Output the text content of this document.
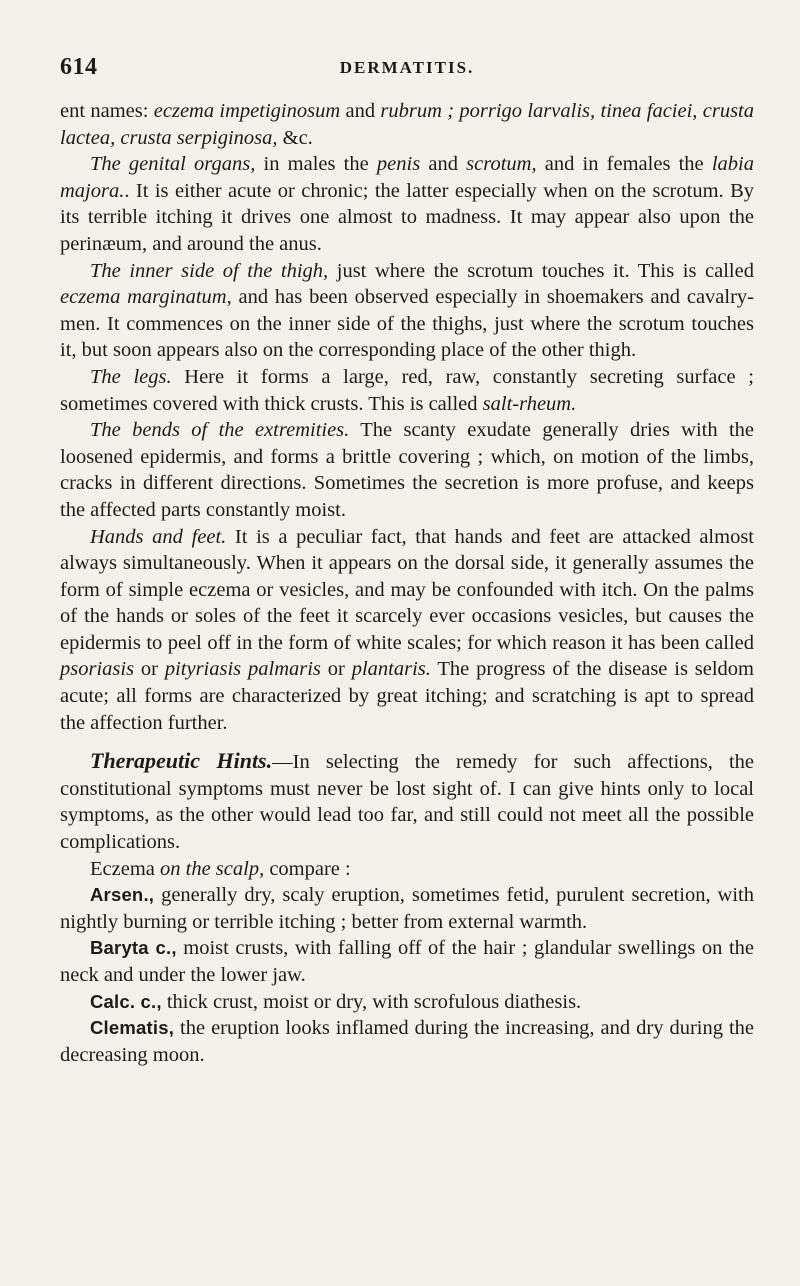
614	DERMATITIS.

ent names: eczema impetiginosum and rubrum ; porrigo larvalis, tinea faciei, crusta lactea, crusta serpiginosa, &c.

The genital organs, in males the penis and scrotum, and in females the labia majora.. It is either acute or chronic; the latter especially when on the scrotum. By its terrible itching it drives one almost to madness. It may appear also upon the perinæum, and around the anus.

The inner side of the thigh, just where the scrotum touches it. This is called eczema marginatum, and has been observed especially in shoemakers and cavalry-men. It commences on the inner side of the thighs, just where the scrotum touches it, but soon appears also on the corresponding place of the other thigh.

The legs. Here it forms a large, red, raw, constantly secreting surface ; sometimes covered with thick crusts. This is called salt-rheum.

The bends of the extremities. The scanty exudate generally dries with the loosened epidermis, and forms a brittle covering ; which, on motion of the limbs, cracks in different directions. Sometimes the secretion is more profuse, and keeps the affected parts constantly moist.

Hands and feet. It is a peculiar fact, that hands and feet are attacked almost always simultaneously. When it appears on the dorsal side, it generally assumes the form of simple eczema or vesicles, and may be confounded with itch. On the palms of the hands or soles of the feet it scarcely ever occasions vesicles, but causes the epidermis to peel off in the form of white scales; for which reason it has been called psoriasis or pityriasis palmaris or plantaris. The progress of the disease is seldom acute; all forms are characterized by great itching; and scratching is apt to spread the affection further.

Therapeutic Hints.—In selecting the remedy for such affections, the constitutional symptoms must never be lost sight of. I can give hints only to local symptoms, as the other would lead too far, and still could not meet all the possible complications.

Eczema on the scalp, compare :

Arsen., generally dry, scaly eruption, sometimes fetid, purulent secretion, with nightly burning or terrible itching ; better from external warmth.

Baryta c., moist crusts, with falling off of the hair ; glandular swellings on the neck and under the lower jaw.

Calc. c., thick crust, moist or dry, with scrofulous diathesis.

Clematis, the eruption looks inflamed during the increasing, and dry during the decreasing moon.
